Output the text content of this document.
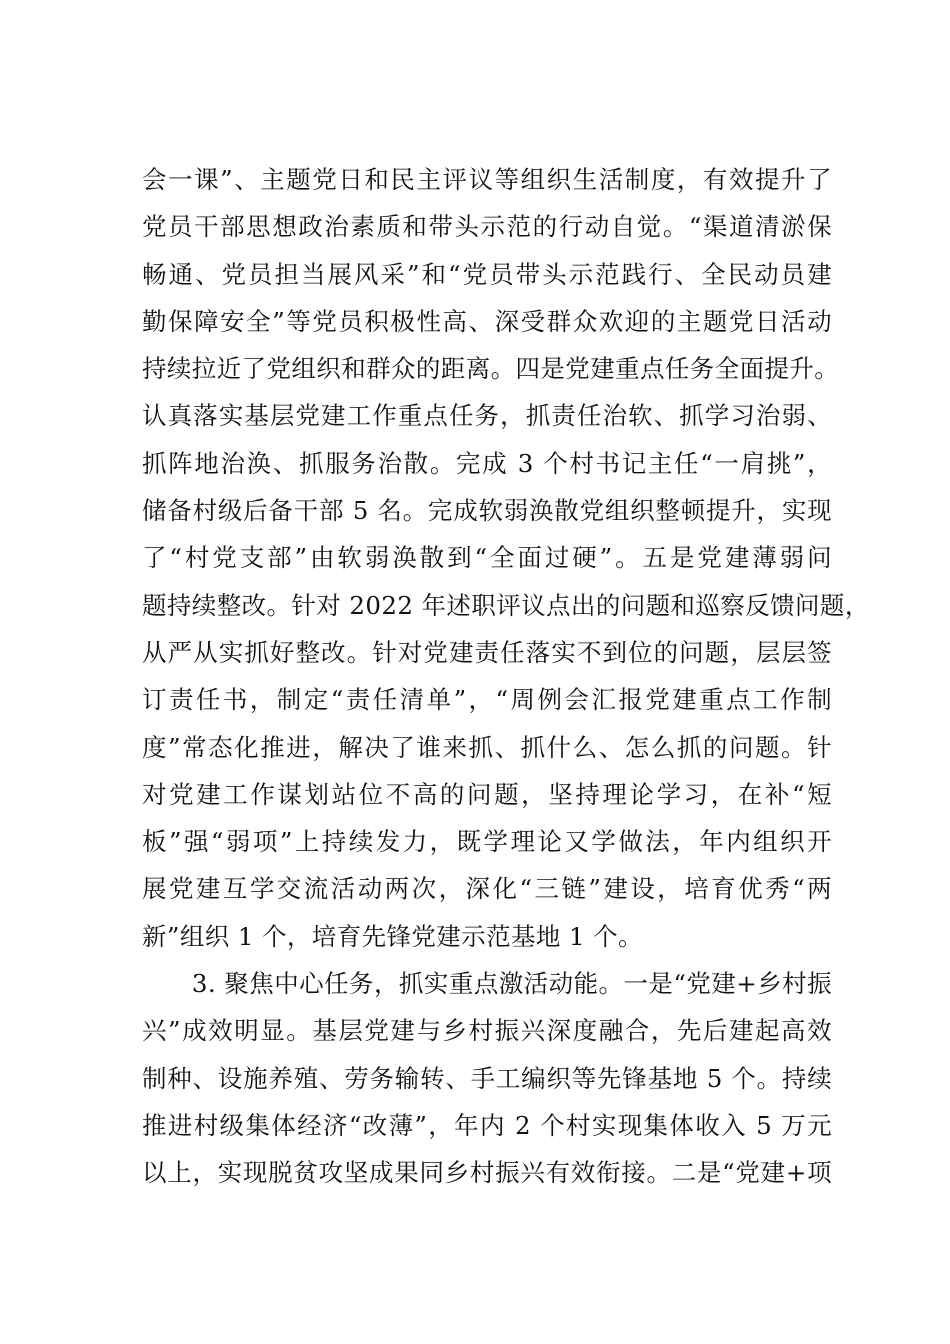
会一课”、主题党日和民主评议等组织生活制度，有效提升了
党员干部思想政治素质和带头示范的行动自觉。“渠道清淤保
畅通、党员担当展风采”和“党员带头示范践行、全民动员建
勤保障安全”等党员积极性高、深受群众欢迎的主题党日活动
持续拉近了党组织和群众的距离。四是党建重点任务全面提升。
认真落实基层党建工作重点任务，抓责任治软、抓学习治弱、
抓阵地治涣、抓服务治散。完成 3 个村书记主任“一肩挑”，
储备村级后备干部 5 名。完成软弱涣散党组织整顿提升，实现
了“村党支部”由软弱涣散到“全面过硬”。五是党建薄弱问
题持续整改。针对 2022 年述职评议点出的问题和巡察反馈问题，
从严从实抓好整改。针对党建责任落实不到位的问题，层层签
订责任书，制定“责任清单”，“周例会汇报党建重点工作制
度”常态化推进，解决了谁来抓、抓什么、怎么抓的问题。针
对党建工作谋划站位不高的问题，坚持理论学习，在补“短
板”强“弱项”上持续发力，既学理论又学做法，年内组织开
展党建互学交流活动两次，深化“三链”建设，培育优秀“两
新”组织 1 个，培育先锋党建示范基地 1 个。
　　3. 聚焦中心任务，抓实重点激活动能。一是“党建+乡村振
兴”成效明显。基层党建与乡村振兴深度融合，先后建起高效
制种、设施养殖、劳务输转、手工编织等先锋基地 5 个。持续
推进村级集体经济“改薄”，年内 2 个村实现集体收入 5 万元
以上，实现脱贫攻坚成果同乡村振兴有效衔接。二是“党建+项
